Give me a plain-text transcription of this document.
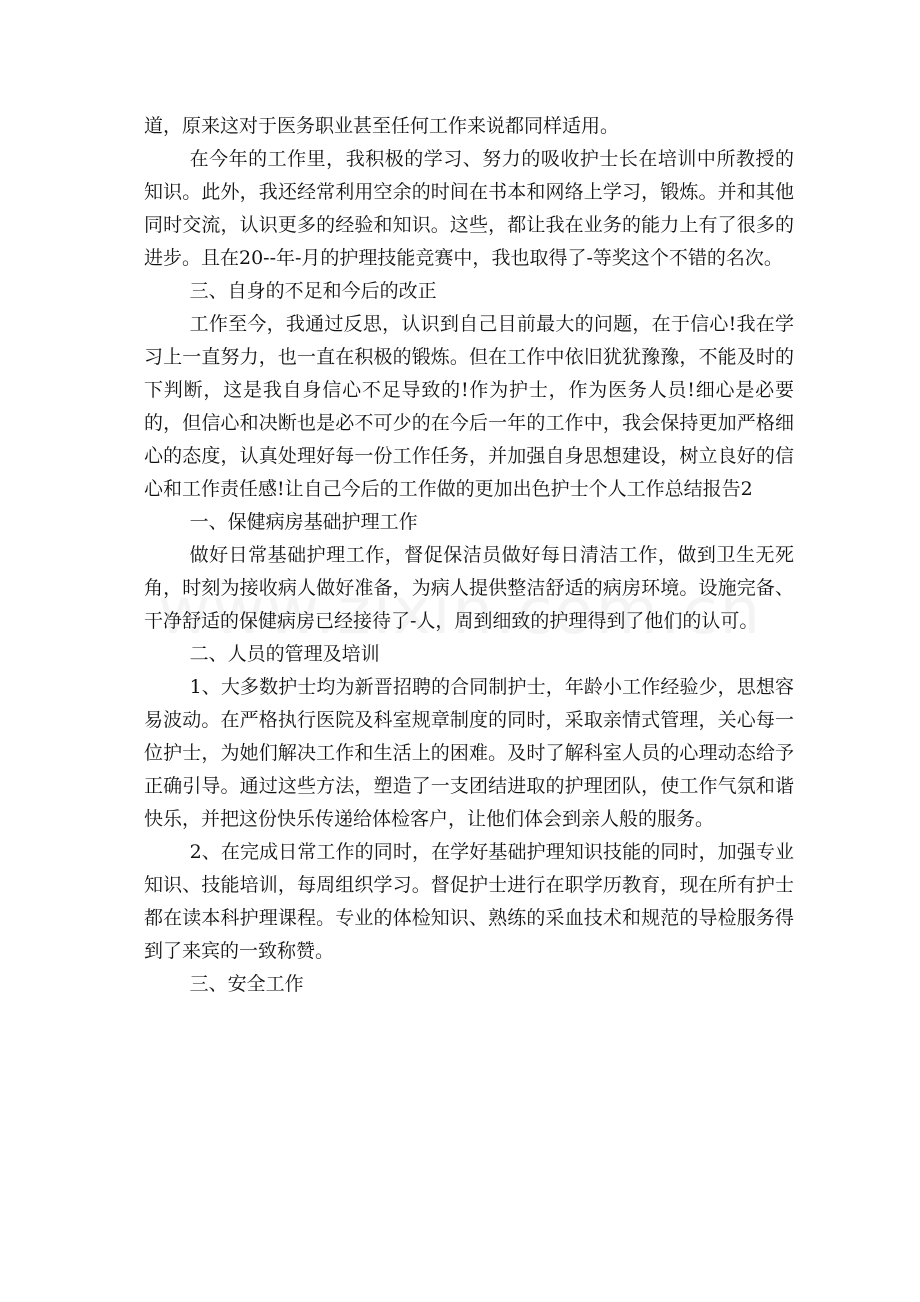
道，原来这对于医务职业甚至任何工作来说都同样适用。

在今年的工作里，我积极的学习、努力的吸收护士长在培训中所教授的知识。此外，我还经常利用空余的时间在书本和网络上学习，锻炼。并和其他同时交流，认识更多的经验和知识。这些，都让我在业务的能力上有了很多的进步。且在20--年-月的护理技能竞赛中，我也取得了-等奖这个不错的名次。

三、自身的不足和今后的改正

工作至今，我通过反思，认识到自己目前最大的问题，在于信心!我在学习上一直努力，也一直在积极的锻炼。但在工作中依旧犹犹豫豫，不能及时的下判断，这是我自身信心不足导致的!作为护士，作为医务人员!细心是必要的，但信心和决断也是必不可少的在今后一年的工作中，我会保持更加严格细心的态度，认真处理好每一份工作任务，并加强自身思想建设，树立良好的信心和工作责任感!让自己今后的工作做的更加出色护士个人工作总结报告2

一、保健病房基础护理工作

做好日常基础护理工作，督促保洁员做好每日清洁工作，做到卫生无死角，时刻为接收病人做好准备，为病人提供整洁舒适的病房环境。设施完备、干净舒适的保健病房已经接待了-人，周到细致的护理得到了他们的认可。

二、人员的管理及培训

1、大多数护士均为新晋招聘的合同制护士，年龄小工作经验少，思想容易波动。在严格执行医院及科室规章制度的同时，采取亲情式管理，关心每一位护士，为她们解决工作和生活上的困难。及时了解科室人员的心理动态给予正确引导。通过这些方法，塑造了一支团结进取的护理团队，使工作气氛和谐快乐，并把这份快乐传递给体检客户，让他们体会到亲人般的服务。

2、在完成日常工作的同时，在学好基础护理知识技能的同时，加强专业知识、技能培训，每周组织学习。督促护士进行在职学历教育，现在所有护士都在读本科护理课程。专业的体检知识、熟练的采血技术和规范的导检服务得到了来宾的一致称赞。

三、安全工作
